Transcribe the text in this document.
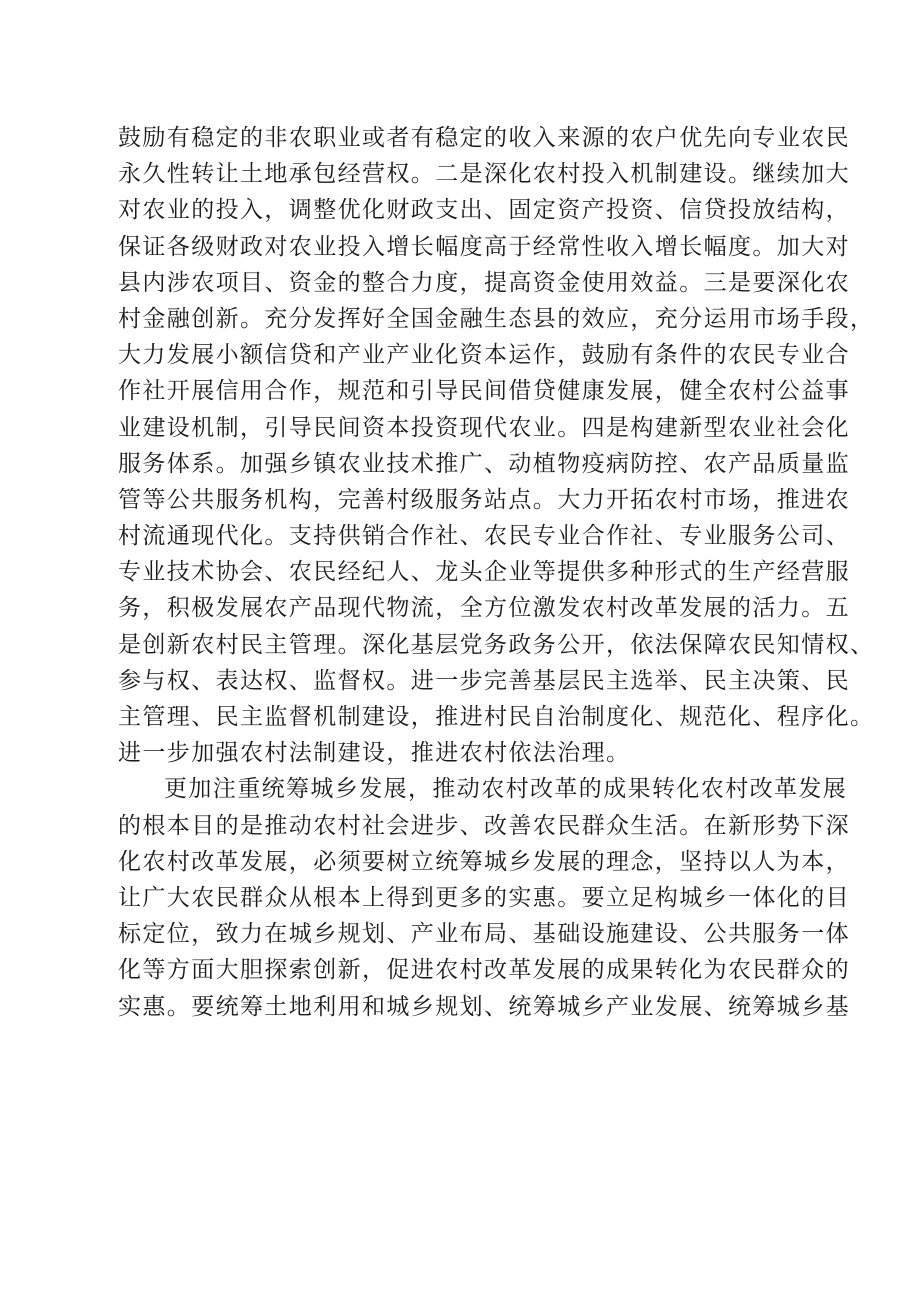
鼓励有稳定的非农职业或者有稳定的收入来源的农户优先向专业农民
永久性转让土地承包经营权。二是深化农村投入机制建设。继续加大
对农业的投入，调整优化财政支出、固定资产投资、信贷投放结构，
保证各级财政对农业投入增长幅度高于经常性收入增长幅度。加大对
县内涉农项目、资金的整合力度，提高资金使用效益。三是要深化农
村金融创新。充分发挥好全国金融生态县的效应，充分运用市场手段，
大力发展小额信贷和产业产业化资本运作，鼓励有条件的农民专业合
作社开展信用合作，规范和引导民间借贷健康发展，健全农村公益事
业建设机制，引导民间资本投资现代农业。四是构建新型农业社会化
服务体系。加强乡镇农业技术推广、动植物疫病防控、农产品质量监
管等公共服务机构，完善村级服务站点。大力开拓农村市场，推进农
村流通现代化。支持供销合作社、农民专业合作社、专业服务公司、
专业技术协会、农民经纪人、龙头企业等提供多种形式的生产经营服
务，积极发展农产品现代物流，全方位激发农村改革发展的活力。五
是创新农村民主管理。深化基层党务政务公开，依法保障农民知情权、
参与权、表达权、监督权。进一步完善基层民主选举、民主决策、民
主管理、民主监督机制建设，推进村民自治制度化、规范化、程序化。
进一步加强农村法制建设，推进农村依法治理。
更加注重统筹城乡发展，推动农村改革的成果转化农村改革发展
的根本目的是推动农村社会进步、改善农民群众生活。在新形势下深
化农村改革发展，必须要树立统筹城乡发展的理念，坚持以人为本，
让广大农民群众从根本上得到更多的实惠。要立足构城乡一体化的目
标定位，致力在城乡规划、产业布局、基础设施建设、公共服务一体
化等方面大胆探索创新，促进农村改革发展的成果转化为农民群众的
实惠。要统筹土地利用和城乡规划、统筹城乡产业发展、统筹城乡基
